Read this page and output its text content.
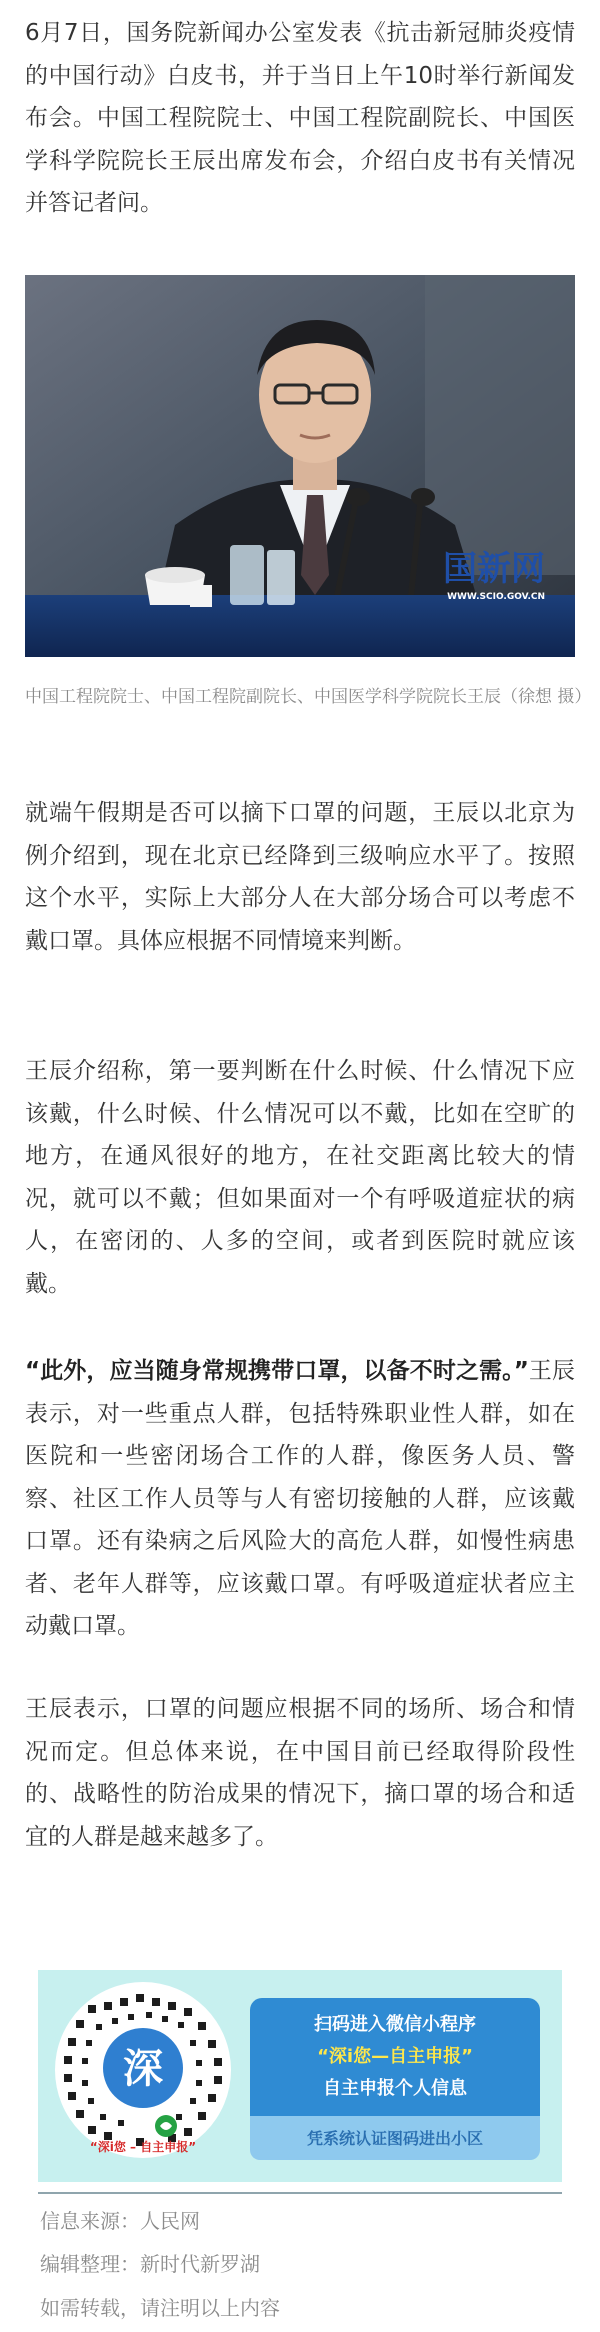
6月7日，国务院新闻办公室发表《抗击新冠肺炎疫情的中国行动》白皮书，并于当日上午10时举行新闻发布会。中国工程院院士、中国工程院副院长、中国医学科学院院长王辰出席发布会，介绍白皮书有关情况并答记者问。

国新网
WWW.SCIO.GOV.CN

中国工程院院士、中国工程院副院长、中国医学科学院院长王辰（徐想 摄）

就端午假期是否可以摘下口罩的问题，王辰以北京为例介绍到，现在北京已经降到三级响应水平了。按照这个水平，实际上大部分人在大部分场合可以考虑不戴口罩。具体应根据不同情境来判断。

王辰介绍称，第一要判断在什么时候、什么情况下应该戴，什么时候、什么情况可以不戴，比如在空旷的地方，在通风很好的地方，在社交距离比较大的情况，就可以不戴；但如果面对一个有呼吸道症状的病人，在密闭的、人多的空间，或者到医院时就应该戴。

“此外，应当随身常规携带口罩，以备不时之需。”王辰表示，对一些重点人群，包括特殊职业性人群，如在医院和一些密闭场合工作的人群，像医务人员、警察、社区工作人员等与人有密切接触的人群，应该戴口罩。还有染病之后风险大的高危人群，如慢性病患者、老年人群等，应该戴口罩。有呼吸道症状者应主动戴口罩。

王辰表示，口罩的问题应根据不同的场所、场合和情况而定。但总体来说，在中国目前已经取得阶段性的、战略性的防治成果的情况下，摘口罩的场合和适宜的人群是越来越多了。

深
“深i您 – 自主申报”

扫码进入微信小程序

“深i您—自主申报”

自主申报个人信息

凭系统认证图码进出小区

信息来源：人民网

编辑整理：新时代新罗湖

如需转载，请注明以上内容
